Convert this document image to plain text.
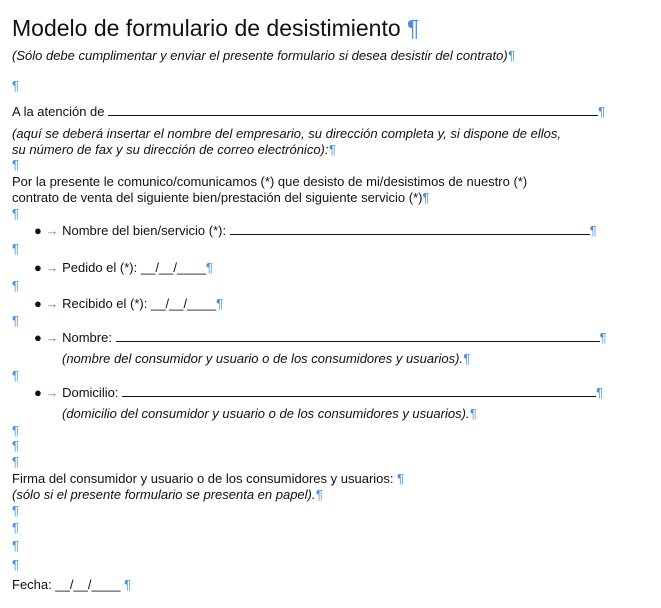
Modelo de formulario de desistimiento ¶
(Sólo debe cumplimentar y enviar el presente formulario si desea desistir del contrato)¶
¶
A la atención de	¶
(aquí se deberá insertar el nombre del empresario, su dirección completa y, si dispone de ellos,
su número de fax y su dirección de correo electrónico):¶
¶
Por la presente le comunico/comunicamos (*) que desisto de mi/desistimos de nuestro (*)
contrato de venta del siguiente bien/prestación del siguiente servicio (*)¶
¶
● → Nombre del bien/servicio (*):	¶
¶
● → Pedido el (*): __/__/____¶
¶
● → Recibido el (*): __/__/____¶
¶
● → Nombre:	¶
(nombre del consumidor y usuario o de los consumidores y usuarios).¶
¶
● → Domicilio:	¶
(domicilio del consumidor y usuario o de los consumidores y usuarios).¶
¶
¶
¶
Firma del consumidor y usuario o de los consumidores y usuarios: ¶
(sólo si el presente formulario se presenta en papel).¶
¶
¶
¶
¶
Fecha: __/__/____ ¶
